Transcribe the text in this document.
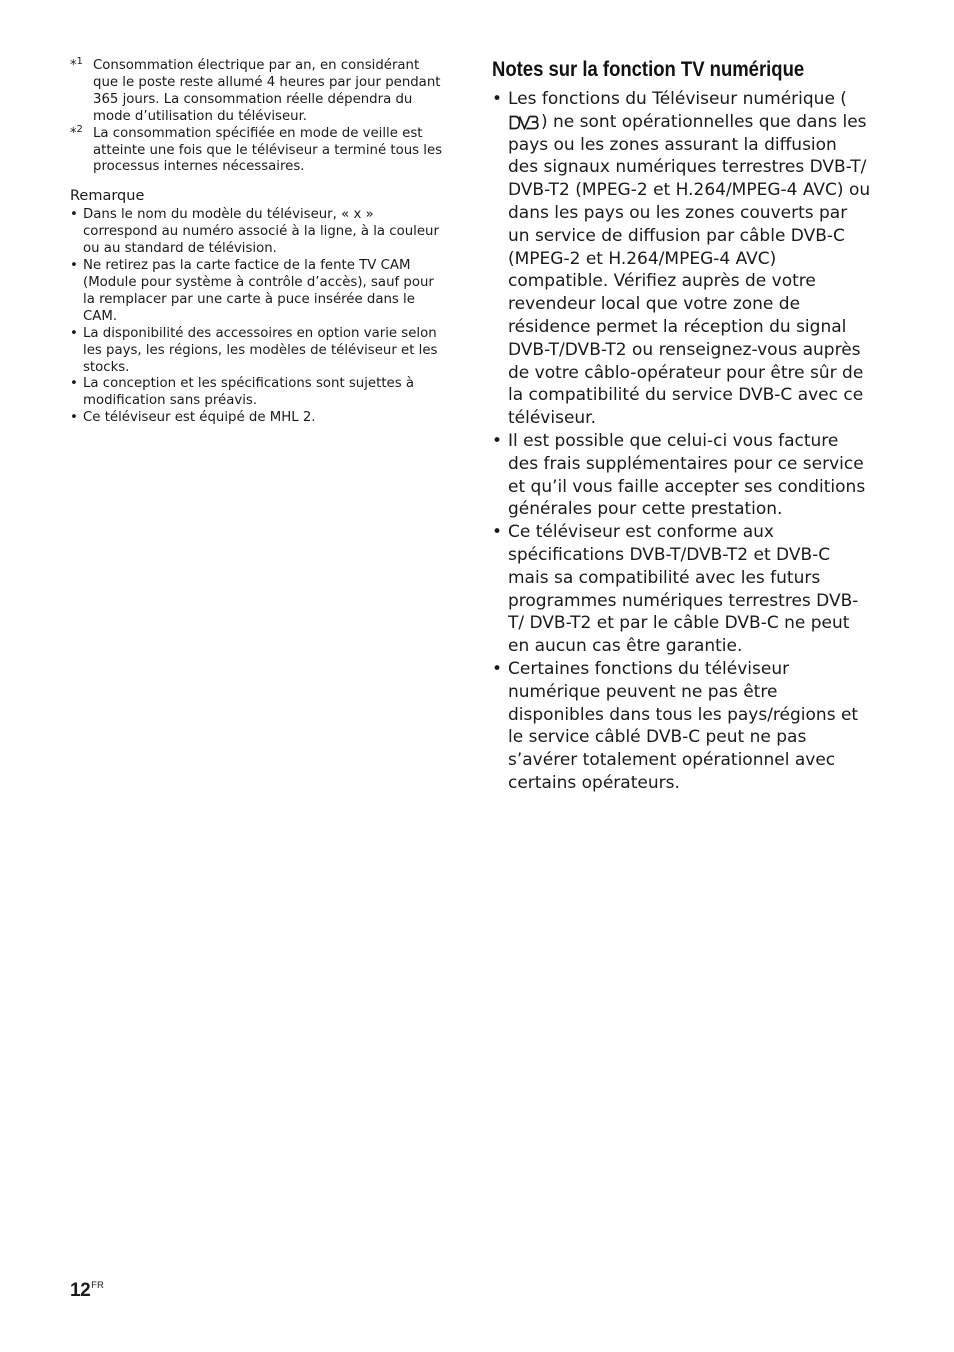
*$^1$ Consommation électrique par an, en considérant que le poste reste allumé 4 heures par jour pendant 365 jours. La consommation réelle dépendra du mode d’utilisation du téléviseur.
*$^2$ La consommation spécifiée en mode de veille est atteinte une fois que le téléviseur a terminé tous les processus internes nécessaires.
Remarque
• Dans le nom du modèle du téléviseur, « x » correspond au numéro associé à la ligne, à la couleur ou au standard de télévision.
• Ne retirez pas la carte factice de la fente TV CAM (Module pour système à contrôle d’accès), sauf pour la remplacer par une carte à puce insérée dans le CAM.
• La disponibilité des accessoires en option varie selon les pays, les régions, les modèles de téléviseur et les stocks.
• La conception et les spécifications sont sujettes à modification sans préavis.
• Ce téléviseur est équipé de MHL 2.
Notes sur la fonction TV numérique
• Les fonctions du Téléviseur numérique () ne sont opérationnelles que dans les pays ou les zones assurant la diffusion des signaux numériques terrestres DVB-T/ DVB-T2 (MPEG-2 et H.264/MPEG-4 AVC) ou dans les pays ou les zones couverts par un service de diffusion par câble DVB-C (MPEG-2 et H.264/MPEG-4 AVC) compatible. Vérifiez auprès de votre revendeur local que votre zone de résidence permet la réception du signal DVB-T/DVB-T2 ou renseignez-vous auprès de votre câblo-opérateur pour être sûr de la compatibilité du service DVB-C avec ce téléviseur.
• Il est possible que celui-ci vous facture des frais supplémentaires pour ce service et qu’il vous faille accepter ses conditions générales pour cette prestation.
• Ce téléviseur est conforme aux spécifications DVB-T/DVB-T2 et DVB-C mais sa compatibilité avec les futurs programmes numériques terrestres DVB-T/ DVB-T2 et par le câble DVB-C ne peut en aucun cas être garantie.
• Certaines fonctions du téléviseur numérique peuvent ne pas être disponibles dans tous les pays/régions et le service câblé DVB-C peut ne pas s’avérer totalement opérationnel avec certains opérateurs.
$12^{FR}$
